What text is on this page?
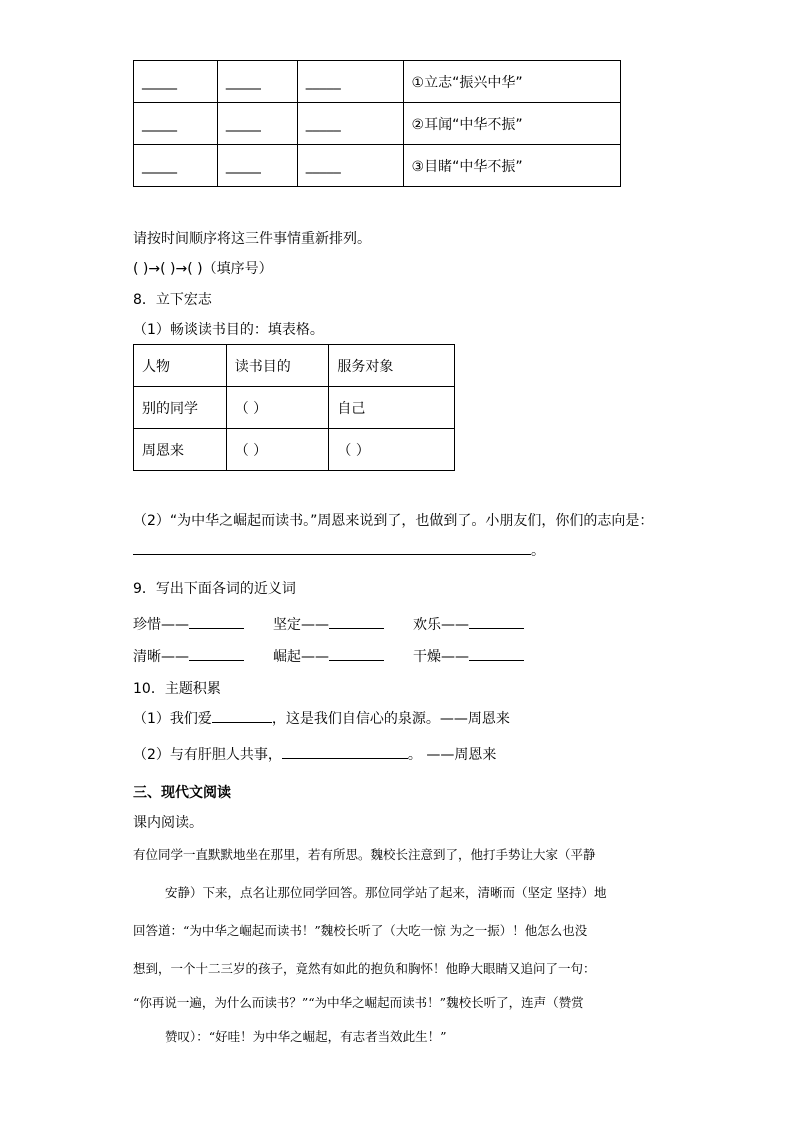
_____	_____	_____	①立志“振兴中华”
_____	_____	_____	②耳闻“中华不振”
_____	_____	_____	③目睹“中华不振”
请按时间顺序将这三件事情重新排列。
( )→( )→( )（填序号）
8．立下宏志
（1）畅谈读书目的：填表格。
人物	读书目的	服务对象
别的同学	（ ）	自己
周恩来	（ ）	（ ）
（2）“为中华之崛起而读书。”周恩来说到了，也做到了。小朋友们，你们的志向是：
。
9．写出下面各词的近义词
珍惜——	坚定——	欢乐——
清晰——	崛起——	干燥——
10．主题积累
（1）我们爱	，这是我们自信心的泉源。——周恩来
（2）与有肝胆人共事，	。 ——周恩来
三、现代文阅读
课内阅读。
有位同学一直默默地坐在那里，若有所思。魏校长注意到了，他打手势让大家（平静
安静）下来，点名让那位同学回答。那位同学站了起来，清晰而（坚定 坚持）地
回答道：“为中华之崛起而读书！”魏校长听了（大吃一惊 为之一振）！他怎么也没
想到，一个十二三岁的孩子，竟然有如此的抱负和胸怀！他睁大眼睛又追问了一句：
“你再说一遍，为什么而读书？”“为中华之崛起而读书！”魏校长听了，连声（赞赏
赞叹）：“好哇！为中华之崛起，有志者当效此生！”
